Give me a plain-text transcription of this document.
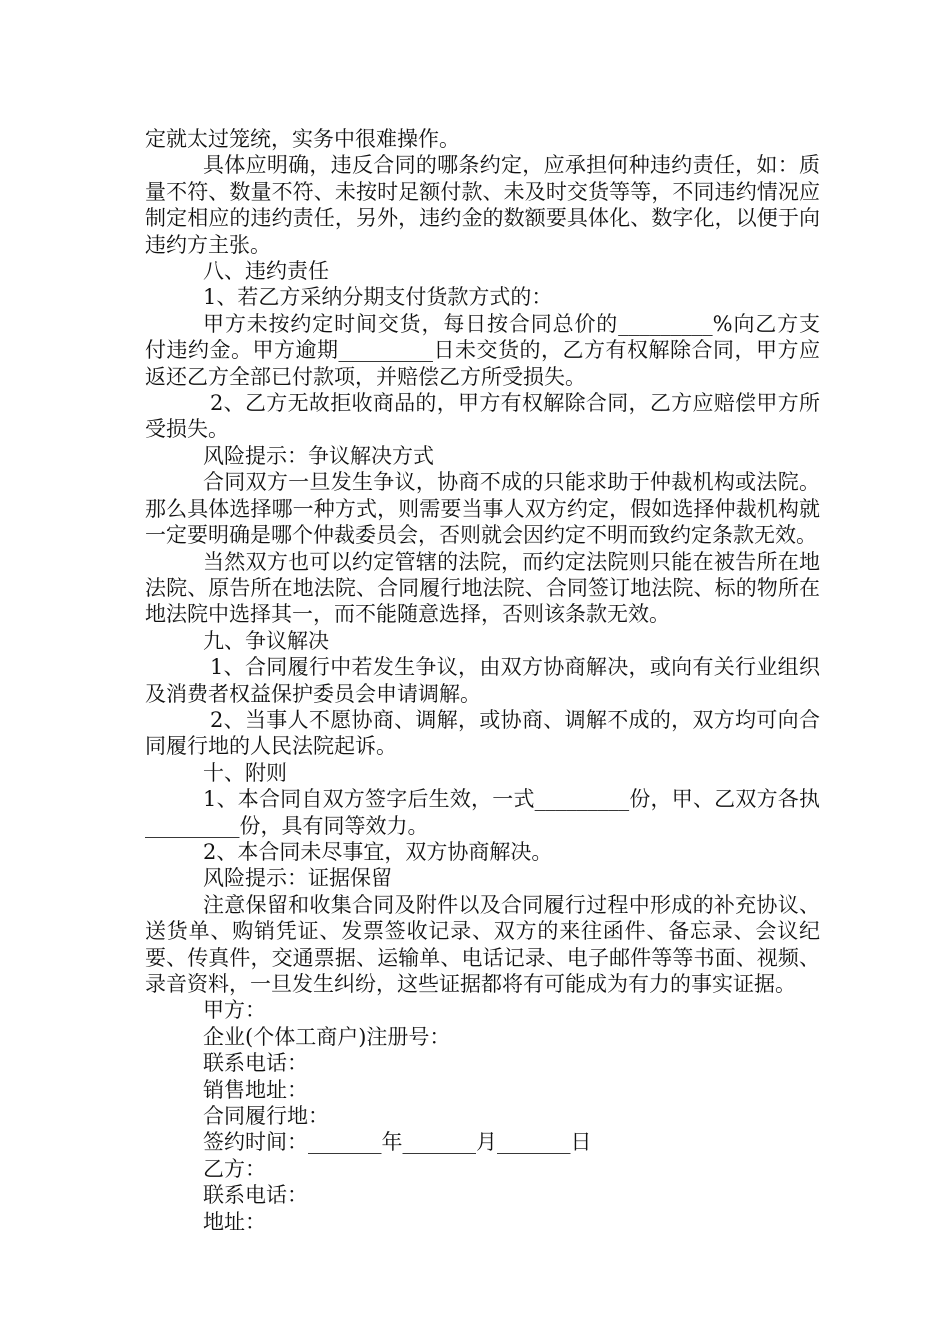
定就太过笼统，实务中很难操作。

具体应明确，违反合同的哪条约定，应承担何种违约责任，如：质量不符、数量不符、未按时足额付款、未及时交货等等，不同违约情况应制定相应的违约责任，另外，违约金的数额要具体化、数字化，以便于向违约方主张。

八、违约责任

1、若乙方采纳分期支付货款方式的：

甲方未按约定时间交货，每日按合同总价的_________%向乙方支付违约金。甲方逾期_________日未交货的，乙方有权解除合同，甲方应返还乙方全部已付款项，并赔偿乙方所受损失。

2、乙方无故拒收商品的，甲方有权解除合同，乙方应赔偿甲方所受损失。

风险提示：争议解决方式

合同双方一旦发生争议，协商不成的只能求助于仲裁机构或法院。那么具体选择哪一种方式，则需要当事人双方约定，假如选择仲裁机构就一定要明确是哪个仲裁委员会，否则就会因约定不明而致约定条款无效。

当然双方也可以约定管辖的法院，而约定法院则只能在被告所在地法院、原告所在地法院、合同履行地法院、合同签订地法院、标的物所在地法院中选择其一，而不能随意选择，否则该条款无效。

九、争议解决

1、合同履行中若发生争议，由双方协商解决，或向有关行业组织及消费者权益保护委员会申请调解。

2、当事人不愿协商、调解，或协商、调解不成的，双方均可向合同履行地的人民法院起诉。

十、附则

1、本合同自双方签字后生效，一式_________份，甲、乙双方各执_________份，具有同等效力。

2、本合同未尽事宜，双方协商解决。

风险提示：证据保留

注意保留和收集合同及附件以及合同履行过程中形成的补充协议、送货单、购销凭证、发票签收记录、双方的来往函件、备忘录、会议纪要、传真件，交通票据、运输单、电话记录、电子邮件等等书面、视频、录音资料，一旦发生纠纷，这些证据都将有可能成为有力的事实证据。

甲方：

企业(个体工商户)注册号：

联系电话：

销售地址：

合同履行地：

签约时间：_______年_______月_______日

乙方：

联系电话：

地址：
